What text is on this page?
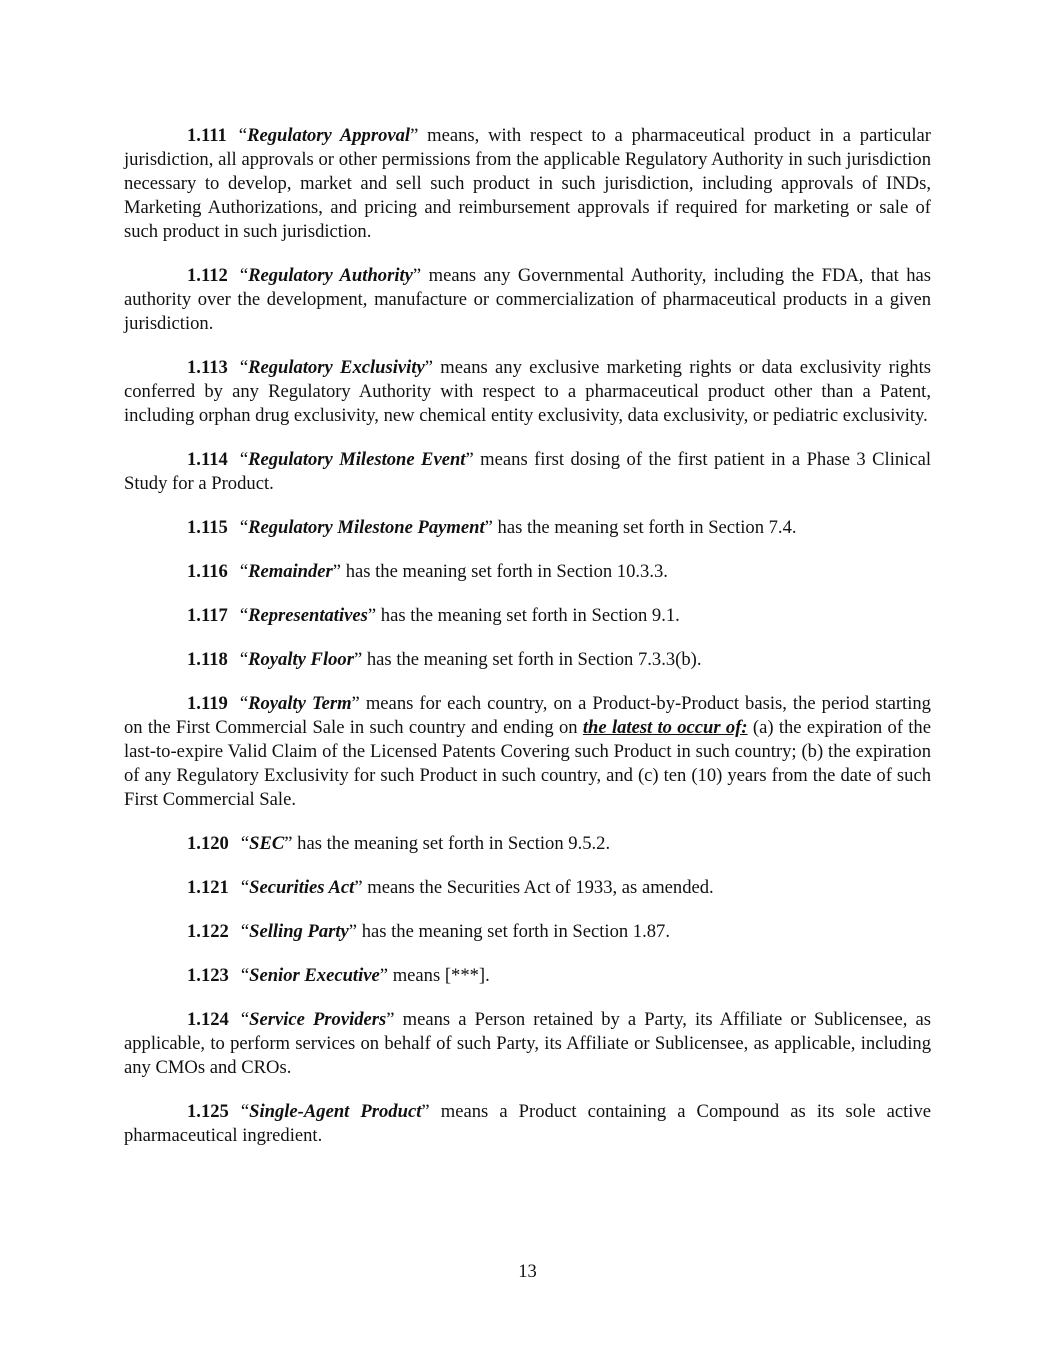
1.111 “Regulatory Approval” means, with respect to a pharmaceutical product in a particular jurisdiction, all approvals or other permissions from the applicable Regulatory Authority in such jurisdiction necessary to develop, market and sell such product in such jurisdiction, including approvals of INDs, Marketing Authorizations, and pricing and reimbursement approvals if required for marketing or sale of such product in such jurisdiction.

1.112 “Regulatory Authority” means any Governmental Authority, including the FDA, that has authority over the development, manufacture or commercialization of pharmaceutical products in a given jurisdiction.

1.113 “Regulatory Exclusivity” means any exclusive marketing rights or data exclusivity rights conferred by any Regulatory Authority with respect to a pharmaceutical product other than a Patent, including orphan drug exclusivity, new chemical entity exclusivity, data exclusivity, or pediatric exclusivity.

1.114 “Regulatory Milestone Event” means first dosing of the first patient in a Phase 3 Clinical Study for a Product.

1.115 “Regulatory Milestone Payment” has the meaning set forth in Section 7.4.

1.116 “Remainder” has the meaning set forth in Section 10.3.3.

1.117 “Representatives” has the meaning set forth in Section 9.1.

1.118 “Royalty Floor” has the meaning set forth in Section 7.3.3(b).

1.119 “Royalty Term” means for each country, on a Product-by-Product basis, the period starting on the First Commercial Sale in such country and ending on the latest to occur of: (a) the expiration of the last-to-expire Valid Claim of the Licensed Patents Covering such Product in such country; (b) the expiration of any Regulatory Exclusivity for such Product in such country, and (c) ten (10) years from the date of such First Commercial Sale.

1.120 “SEC” has the meaning set forth in Section 9.5.2.

1.121 “Securities Act” means the Securities Act of 1933, as amended.

1.122 “Selling Party” has the meaning set forth in Section 1.87.

1.123 “Senior Executive” means [***].

1.124 “Service Providers” means a Person retained by a Party, its Affiliate or Sublicensee, as applicable, to perform services on behalf of such Party, its Affiliate or Sublicensee, as applicable, including any CMOs and CROs.

1.125 “Single-Agent Product” means a Product containing a Compound as its sole active pharmaceutical ingredient.

13
